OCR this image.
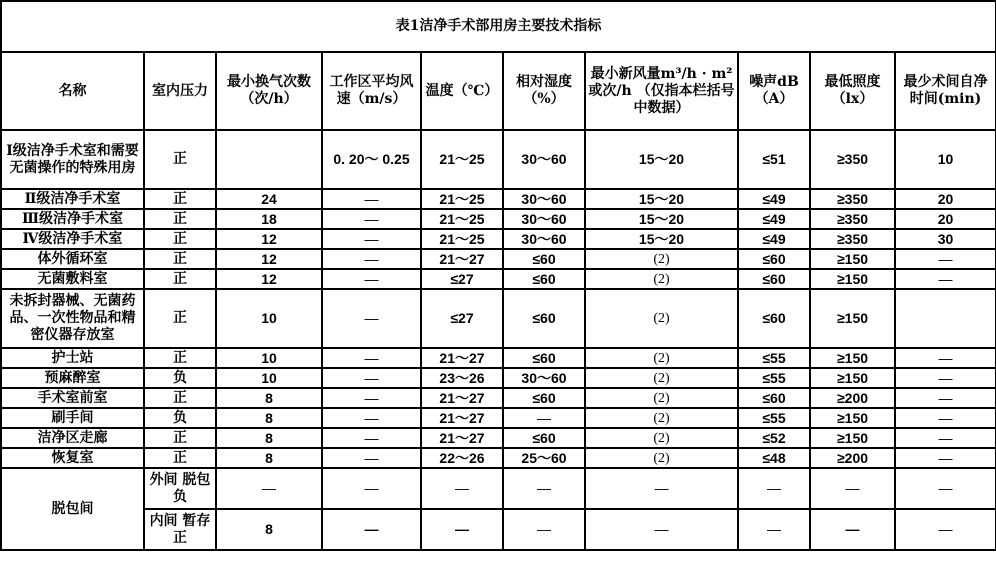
表1洁净手术部用房主要技术指标									
名称	室内压力	最小换气次数（次/h）	工作区平均风速（m/s）	温度（℃）	相对湿度（%）	最小新风量m³/h · m² 或次/h （仅指本栏括号中数据）	噪声dB（A）	最低照度（lx）	最少术间自净时间(min)
I级洁净手术室和需要无菌操作的特殊用房	正		0. 20～ 0.25	21～25	30～60	15～20	≤51	≥350	10
Ⅱ级洁净手术室	正	24	—	21～25	30～60	15～20	≤49	≥350	20
Ⅲ级洁净手术室	正	18	—	21～25	30～60	15～20	≤49	≥350	20
Ⅳ级洁净手术室	正	12	—	21～25	30～60	15～20	≤49	≥350	30
体外循环室	正	12	—	21～27	≤60	(2)	≤60	≥150	—
无菌敷料室	正	12	—	≤27	≤60	(2)	≤60	≥150	—
未拆封器械、无菌药品、一次性物品和精密仪器存放室	正	10	—	≤27	≤60	(2)	≤60	≥150	
护士站	正	10	—	21～27	≤60	(2)	≤55	≥150	—
预麻醉室	负	10	—	23～26	30～60	(2)	≤55	≥150	—
手术室前室	正	8	—	21～27	≤60	(2)	≤60	≥200	—
刷手间	负	8	—	21～27	—	(2)	≤55	≥150	—
洁净区走廊	正	8	—	21～27	≤60	(2)	≤52	≥150	—
恢复室	正	8	—	22～26	25～60	(2)	≤48	≥200	—
脱包间	外间 脱包 负	—	—	—	—	—	—	—	—
	内间 暂存正	8	—	—	—	—	—	—	—
